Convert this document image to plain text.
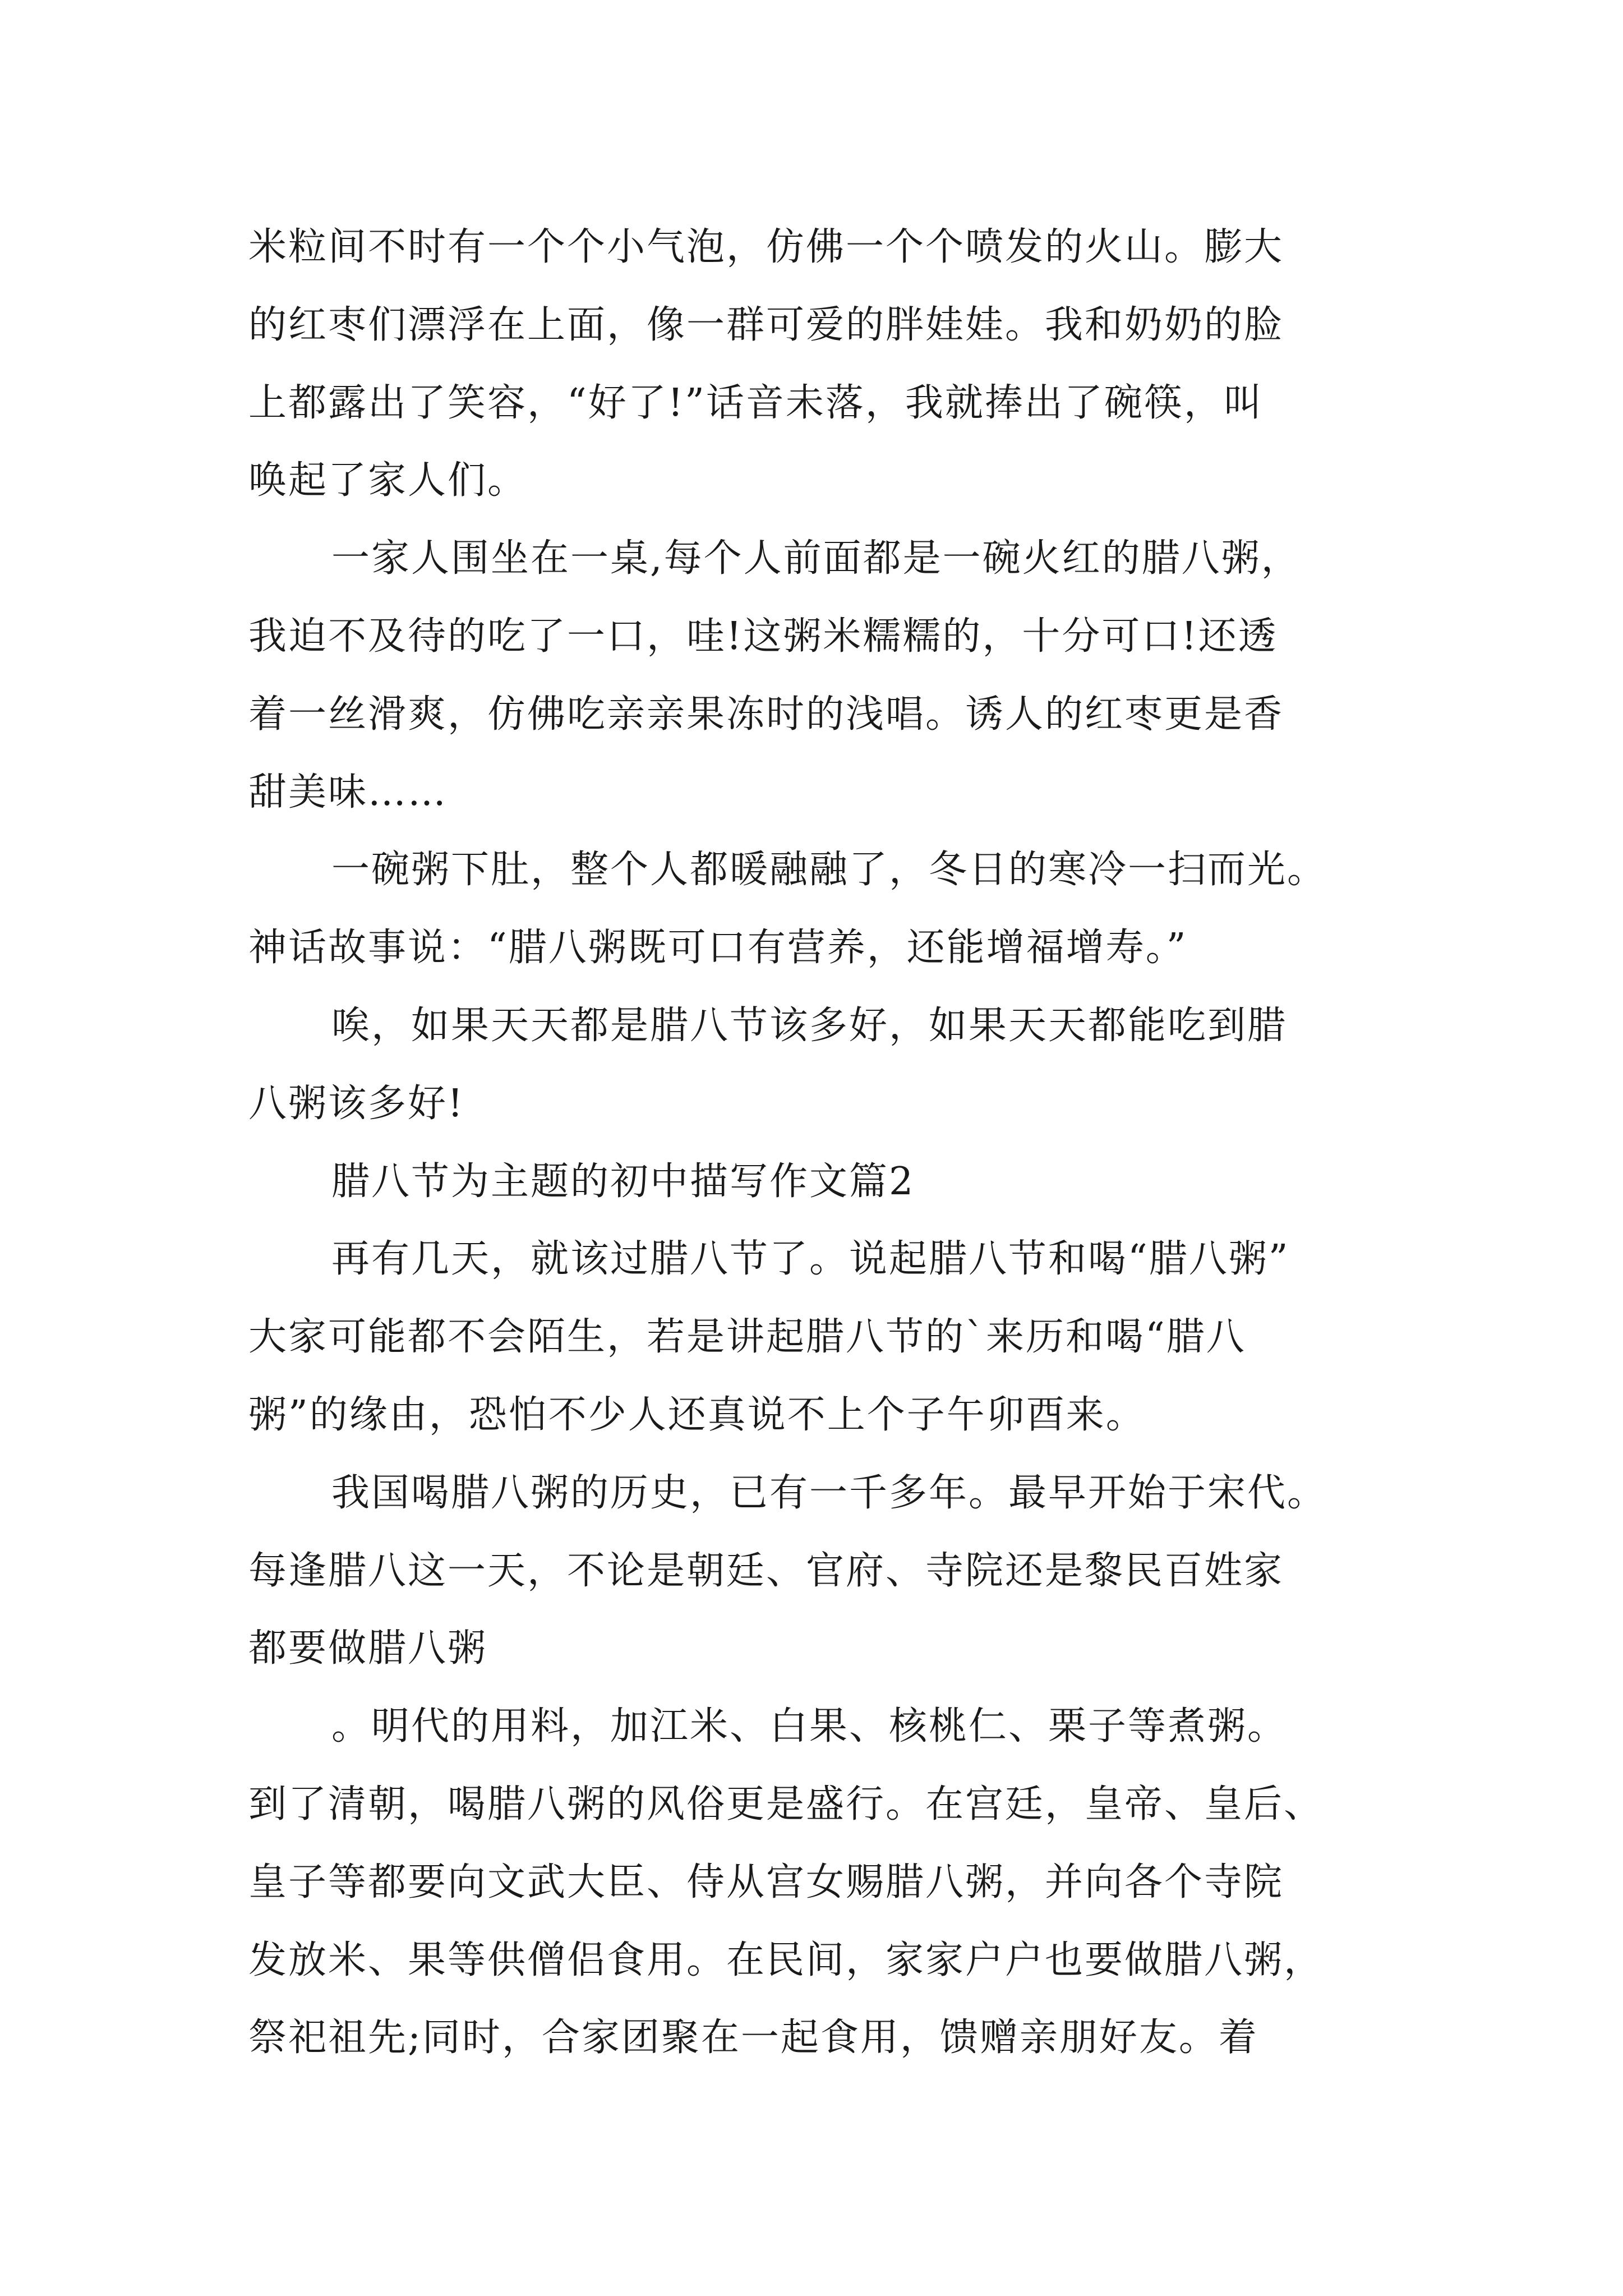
米粒间不时有一个个小气泡，仿佛一个个喷发的火山。膨大
的红枣们漂浮在上面，像一群可爱的胖娃娃。我和奶奶的脸
上都露出了笑容，“好了!”话音未落，我就捧出了碗筷，叫
唤起了家人们。
一家人围坐在一桌,每个人前面都是一碗火红的腊八粥，
我迫不及待的吃了一口，哇!这粥米糯糯的，十分可口!还透
着一丝滑爽，仿佛吃亲亲果冻时的浅唱。诱人的红枣更是香
甜美味……
一碗粥下肚，整个人都暖融融了，冬日的寒冷一扫而光。
神话故事说：“腊八粥既可口有营养，还能增福增寿。”
唉，如果天天都是腊八节该多好，如果天天都能吃到腊
八粥该多好!
腊八节为主题的初中描写作文篇2
再有几天，就该过腊八节了。说起腊八节和喝“腊八粥”
大家可能都不会陌生，若是讲起腊八节的`来历和喝“腊八
粥”的缘由，恐怕不少人还真说不上个子午卯酉来。
我国喝腊八粥的历史，已有一千多年。最早开始于宋代。
每逢腊八这一天，不论是朝廷、官府、寺院还是黎民百姓家
都要做腊八粥
。明代的用料，加江米、白果、核桃仁、栗子等煮粥。
到了清朝，喝腊八粥的风俗更是盛行。在宫廷，皇帝、皇后、
皇子等都要向文武大臣、侍从宫女赐腊八粥，并向各个寺院
发放米、果等供僧侣食用。在民间，家家户户也要做腊八粥，
祭祀祖先;同时，合家团聚在一起食用，馈赠亲朋好友。着
